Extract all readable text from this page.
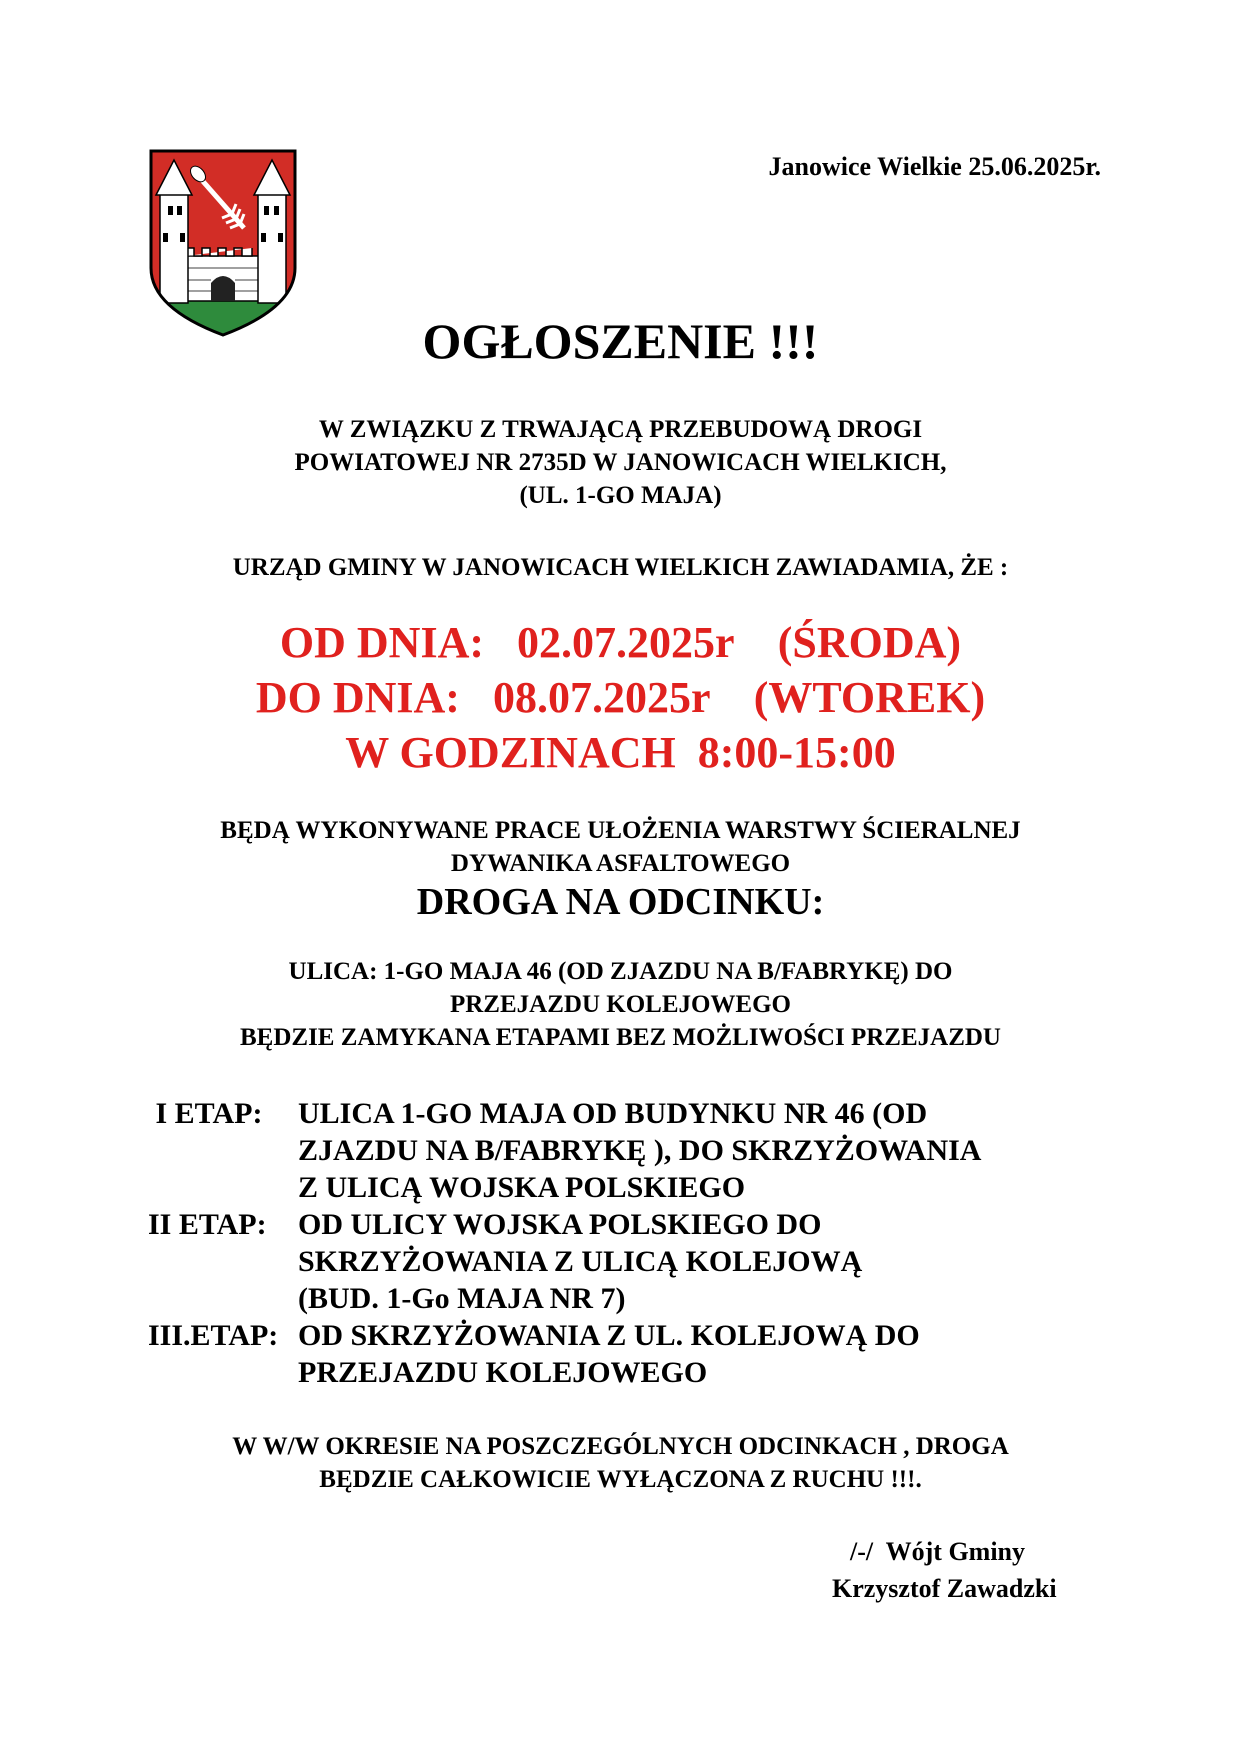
Janowice Wielkie 25.06.2025r.
OGŁOSZENIE !!!
W ZWIĄZKU Z TRWAJĄCĄ PRZEBUDOWĄ DROGI
POWIATOWEJ NR 2735D W JANOWICACH WIELKICH,
(UL. 1-GO MAJA)
URZĄD GMINY W JANOWICACH WIELKICH ZAWIADAMIA, ŻE :
OD DNIA:   02.07.2025r    (ŚRODA)
DO DNIA:   08.07.2025r    (WTOREK)
W GODZINACH  8:00-15:00
BĘDĄ WYKONYWANE PRACE UŁOŻENIA WARSTWY ŚCIERALNEJ
DYWANIKA ASFALTOWEGO
DROGA NA ODCINKU:
ULICA: 1-GO MAJA 46 (OD ZJAZDU NA B/FABRYKĘ) DO
PRZEJAZDU KOLEJOWEGO
BĘDZIE ZAMYKANA ETAPAMI BEZ MOŻLIWOŚCI PRZEJAZDU
I ETAP: ULICA 1-GO MAJA OD BUDYNKU NR 46 (OD
ZJAZDU NA B/FABRYKĘ ), DO SKRZYŻOWANIA
Z ULICĄ WOJSKA POLSKIEGO
II ETAP: OD ULICY WOJSKA POLSKIEGO DO
SKRZYŻOWANIA Z ULICĄ KOLEJOWĄ
(BUD. 1-Go MAJA NR 7)
III.ETAP: OD SKRZYŻOWANIA Z UL. KOLEJOWĄ DO
PRZEJAZDU KOLEJOWEGO
W W/W OKRESIE NA POSZCZEGÓLNYCH ODCINKACH , DROGA
BĘDZIE CAŁKOWICIE WYŁĄCZONA Z RUCHU !!!.
/-/  Wójt Gminy
Krzysztof Zawadzki
